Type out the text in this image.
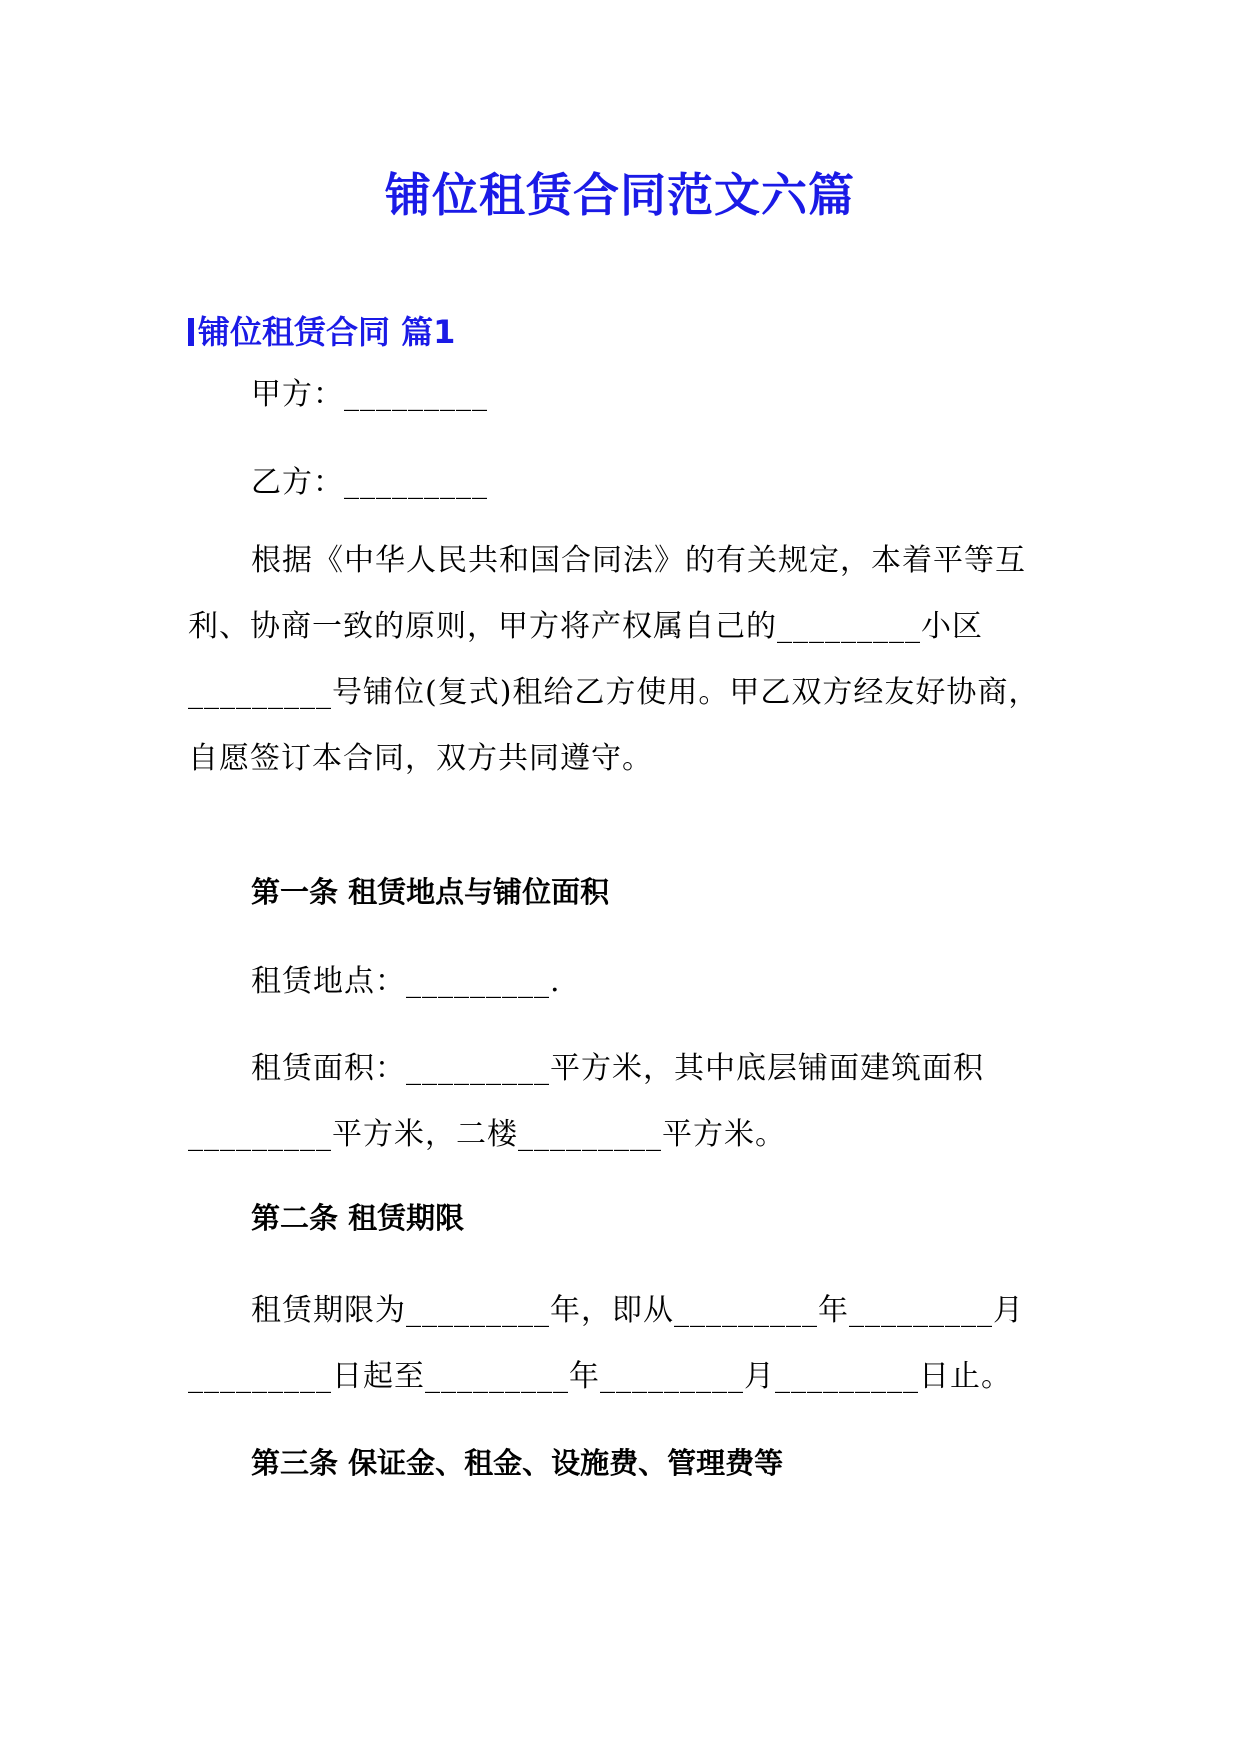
铺位租赁合同范文六篇
铺位租赁合同 篇1
甲方：_________
乙方：_________
根据《中华人民共和国合同法》的有关规定，本着平等互利、协商一致的原则，甲方将产权属自己的_________小区_________号铺位(复式)租给乙方使用。甲乙双方经友好协商，自愿签订本合同，双方共同遵守。
第一条 租赁地点与铺位面积
租赁地点：_________.
租赁面积：_________平方米，其中底层铺面建筑面积_________平方米，二楼_________平方米。
第二条 租赁期限
租赁期限为_________年，即从_________年_________月_________日起至_________年_________月_________日止。
第三条 保证金、租金、设施费、管理费等
